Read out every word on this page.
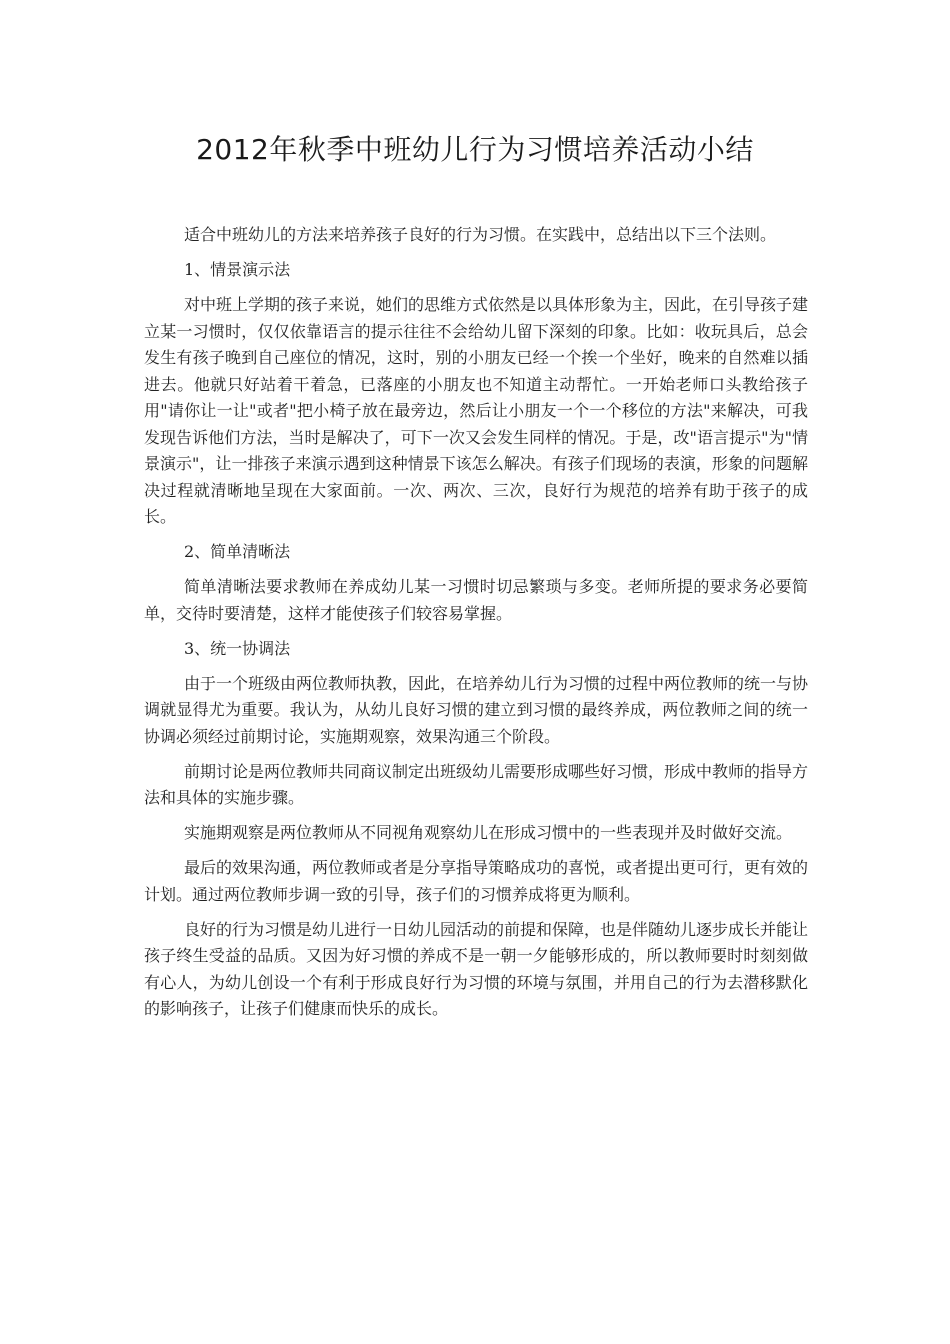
2012年秋季中班幼儿行为习惯培养活动小结

适合中班幼儿的方法来培养孩子良好的行为习惯。在实践中，总结出以下三个法则。

1、情景演示法

对中班上学期的孩子来说，她们的思维方式依然是以具体形象为主，因此，在引导孩子建立某一习惯时，仅仅依靠语言的提示往往不会给幼儿留下深刻的印象。比如：收玩具后，总会发生有孩子晚到自己座位的情况，这时，别的小朋友已经一个挨一个坐好，晚来的自然难以插进去。他就只好站着干着急，已落座的小朋友也不知道主动帮忙。一开始老师口头教给孩子用"请你让一让"或者"把小椅子放在最旁边，然后让小朋友一个一个移位的方法"来解决，可我发现告诉他们方法，当时是解决了，可下一次又会发生同样的情况。于是，改"语言提示"为"情景演示"，让一排孩子来演示遇到这种情景下该怎么解决。有孩子们现场的表演，形象的问题解决过程就清晰地呈现在大家面前。一次、两次、三次，良好行为规范的培养有助于孩子的成长。

2、简单清晰法

简单清晰法要求教师在养成幼儿某一习惯时切忌繁琐与多变。老师所提的要求务必要简单，交待时要清楚，这样才能使孩子们较容易掌握。

3、统一协调法

由于一个班级由两位教师执教，因此，在培养幼儿行为习惯的过程中两位教师的统一与协调就显得尤为重要。我认为，从幼儿良好习惯的建立到习惯的最终养成，两位教师之间的统一协调必须经过前期讨论，实施期观察，效果沟通三个阶段。

前期讨论是两位教师共同商议制定出班级幼儿需要形成哪些好习惯，形成中教师的指导方法和具体的实施步骤。

实施期观察是两位教师从不同视角观察幼儿在形成习惯中的一些表现并及时做好交流。

最后的效果沟通，两位教师或者是分享指导策略成功的喜悦，或者提出更可行，更有效的计划。通过两位教师步调一致的引导，孩子们的习惯养成将更为顺利。

良好的行为习惯是幼儿进行一日幼儿园活动的前提和保障，也是伴随幼儿逐步成长并能让孩子终生受益的品质。又因为好习惯的养成不是一朝一夕能够形成的，所以教师要时时刻刻做有心人，为幼儿创设一个有利于形成良好行为习惯的环境与氛围，并用自己的行为去潜移默化的影响孩子，让孩子们健康而快乐的成长。
